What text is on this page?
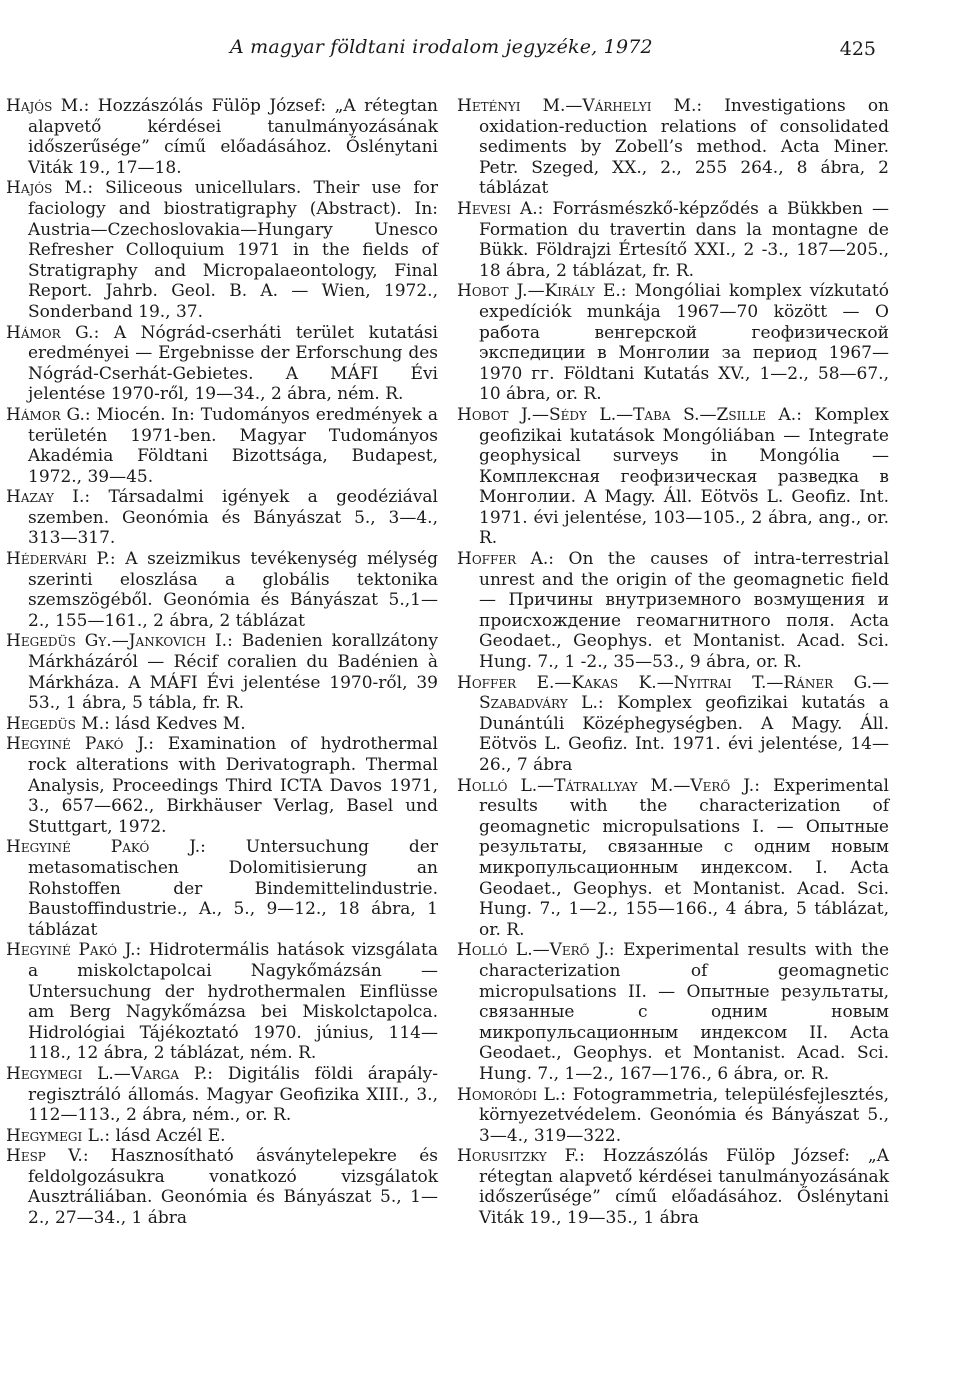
A magyar földtani irodalom jegyzéke, 1972	425

Hajós M.: Hozzászólás Fülöp József: „A rétegtan alapvető kérdései tanulmányozásának időszerűsége” című előadásához. Őslénytani Viták 19., 17—18.

Hajós M.: Siliceous unicellulars. Their use for faciology and biostratigraphy (Abstract). In: Austria—Czechoslovakia—Hungary Unesco Refresher Colloquium 1971 in the fields of Stratigraphy and Micropalaeontology, Final Report. Jahrb. Geol. B. A. — Wien, 1972., Sonderband 19., 37.

Hámor G.: A Nógrád-cserháti terület kutatási eredményei — Ergebnisse der Erforschung des Nógrád-Cserhát-Gebietes. A MÁFI Évi jelentése 1970-ről, 19—34., 2 ábra, ném. R.

Hámor G.: Miocén. In: Tudományos eredmények a területén 1971-ben. Magyar Tudományos Akadémia Földtani Bizottsága, Budapest, 1972., 39—45.

Hazay I.: Társadalmi igények a geodéziával szemben. Geonómia és Bányászat 5., 3—4., 313—317.

Hédervári P.: A szeizmikus tevékenység mélység szerinti eloszlása a globális tektonika szemszögéből. Geonómia és Bányászat 5.,1—2., 155—161., 2 ábra, 2 táblázat

Hegedüs Gy.—Jankovich I.: Badenien korallzátony Márkházáról — Récif coralien du Badénien à Márkháza. A MÁFI Évi jelentése 1970-ről, 39 53., 1 ábra, 5 tábla, fr. R.

Hegedüs M.: lásd Kedves M.

Hegyiné Pakó J.: Examination of hydrothermal rock alterations with Derivatograph. Thermal Analysis, Proceedings Third ICTA Davos 1971, 3., 657—662., Birkhäuser Verlag, Basel und Stuttgart, 1972.

Hegyiné Pakó J.: Untersuchung der metasomatischen Dolomitisierung an Rohstoffen der Bindemittelindustrie. Baustoffindustrie., A., 5., 9—12., 18 ábra, 1 táblázat

Hegyiné Pakó J.: Hidrotermális hatások vizsgálata a miskolctapolcai Nagykőmázsán — Untersuchung der hydrothermalen Einflüsse am Berg Nagykőmázsa bei Miskolctapolca. Hidrológiai Tájékoztató 1970. június, 114—118., 12 ábra, 2 táblázat, ném. R.

Hegymegi L.—Varga P.: Digitális földi árapály-regisztráló állomás. Magyar Geofizika XIII., 3., 112—113., 2 ábra, ném., or. R.

Hegymegi L.: lásd Aczél E.

Hesp V.: Hasznosítható ásványtelepekre és feldolgozásukra vonatkozó vizsgálatok Ausztráliában. Geonómia és Bányászat 5., 1—2., 27—34., 1 ábra

Hetényi M.—Várhelyi M.: Investigations on oxidation-reduction relations of consolidated sediments by Zobell’s method. Acta Miner. Petr. Szeged, XX., 2., 255 264., 8 ábra, 2 táblázat

Hevesi A.: Forrásmészkő-képződés a Bükkben — Formation du travertin dans la montagne de Bükk. Földrajzi Értesítő XXI., 2 -3., 187—205., 18 ábra, 2 táblázat, fr. R.

Hobot J.—Király E.: Mongóliai komplex vízkutató expedíciók munkája 1967—70 között — О работа венгерской геофизической экспедиции в Монголии за период 1967—1970 гг. Földtani Kutatás XV., 1—2., 58—67., 10 ábra, or. R.

Hobot J.—Sédy L.—Taba S.—Zsille A.: Komplex geofizikai kutatások Mongóliában — Integrate geophysical surveys in Mongólia — Комплексная геофизическая разведка в Монголии. A Magy. Áll. Eötvös L. Geofiz. Int. 1971. évi jelentése, 103—105., 2 ábra, ang., or. R.

Hoffer A.: On the causes of intra-terrestrial unrest and the origin of the geomagnetic field — Причины внутриземного возмущения и происхождение геомагнитного поля. Acta Geodaet., Geophys. et Montanist. Acad. Sci. Hung. 7., 1 -2., 35—53., 9 ábra, or. R.

Hoffer E.—Kakas K.—Nyitrai T.—Ráner G.—Szabadváry L.: Komplex geofizikai kutatás a Dunántúli Középhegységben. A Magy. Áll. Eötvös L. Geofiz. Int. 1971. évi jelentése, 14—26., 7 ábra

Holló L.—Tátrallyay M.—Verő J.: Experimental results with the characterization of geomagnetic micropulsations I. — Опытные результаты, связанные с одним новым микропульсационным индексом. I. Acta Geodaet., Geophys. et Montanist. Acad. Sci. Hung. 7., 1—2., 155—166., 4 ábra, 5 táblázat, or. R.

Holló L.—Verő J.: Experimental results with the characterization of geomagnetic micropulsations II. — Опытные результаты, связанные с одним новым микропульсационным индексом II. Acta Geodaet., Geophys. et Montanist. Acad. Sci. Hung. 7., 1—2., 167—176., 6 ábra, or. R.

Homoródi L.: Fotogrammetria, településfejlesztés, környezetvédelem. Geonómia és Bányászat 5., 3—4., 319—322.

Horusitzky F.: Hozzászólás Fülöp József: „A rétegtan alapvető kérdései tanulmányozásának időszerűsége” című előadásához. Őslénytani Viták 19., 19—35., 1 ábra
